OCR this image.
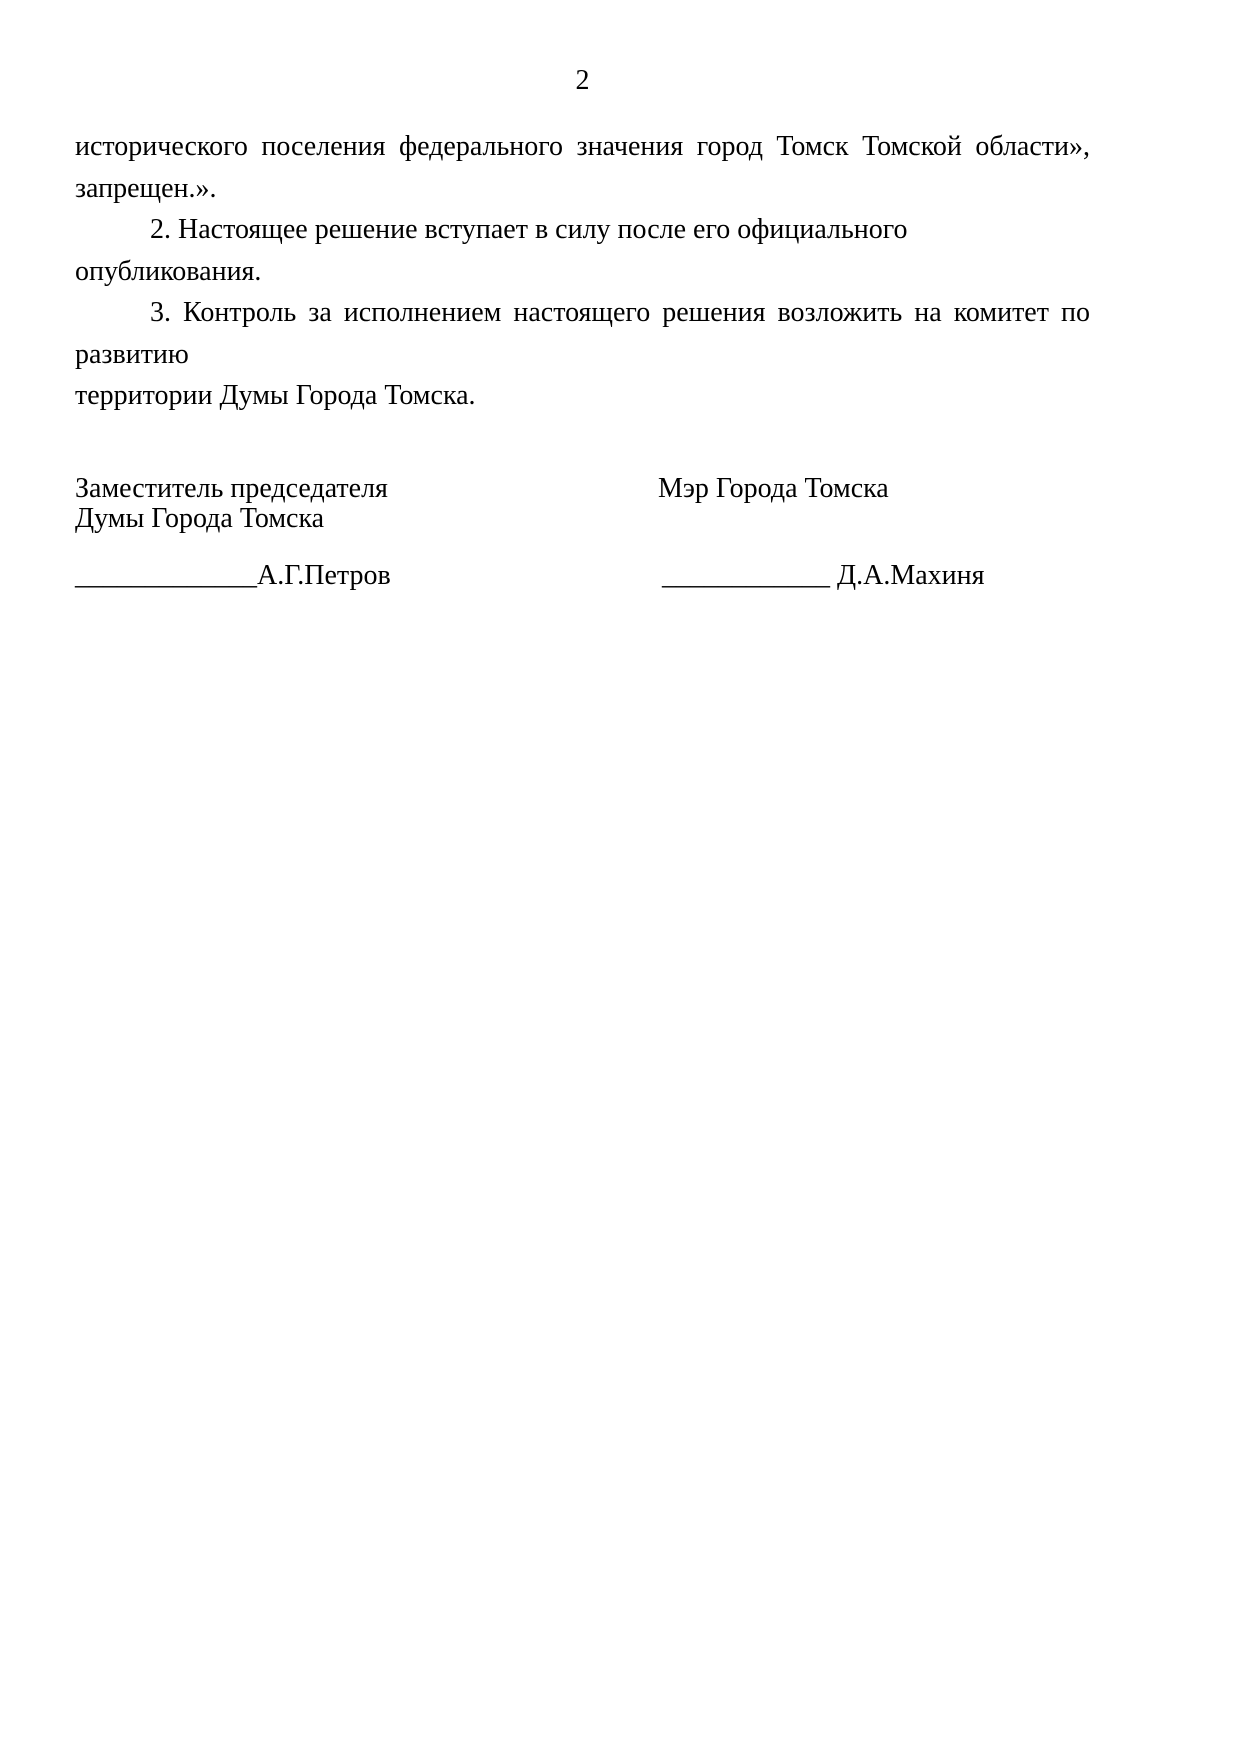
2
исторического поселения федерального значения город Томск Томской области»,
запрещен.».
2. Настоящее решение вступает в силу после его официального опубликования.
3. Контроль за исполнением настоящего решения возложить на комитет по развитию
территории Думы Города Томска.
Заместитель председателя
Думы Города Томска
Мэр Города Томска
_____________А.Г.Петров	____________ Д.А.Махиня
